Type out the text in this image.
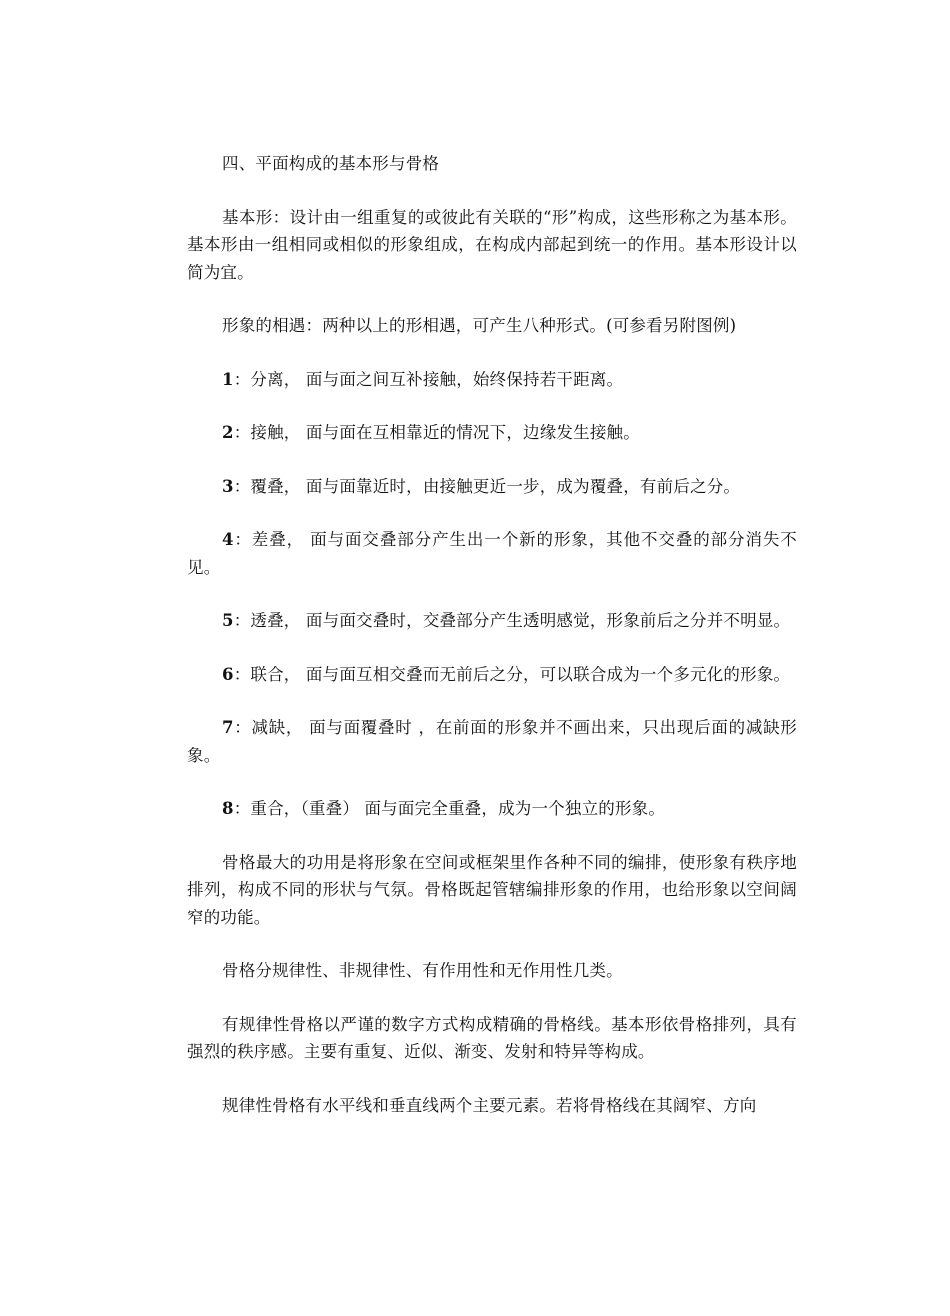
四、平面构成的基本形与骨格

基本形：设计由一组重复的或彼此有关联的“形”构成，这些形称之为基本形。基本形由一组相同或相似的形象组成，在构成内部起到统一的作用。基本形设计以简为宜。

形象的相遇：两种以上的形相遇，可产生八种形式。(可参看另附图例)

1：分离， 面与面之间互补接触，始终保持若干距离。

2：接触， 面与面在互相靠近的情况下，边缘发生接触。

3：覆叠， 面与面靠近时，由接触更近一步，成为覆叠，有前后之分。

4：差叠， 面与面交叠部分产生出一个新的形象，其他不交叠的部分消失不见。

5：透叠， 面与面交叠时，交叠部分产生透明感觉，形象前后之分并不明显。

6：联合， 面与面互相交叠而无前后之分，可以联合成为一个多元化的形象。

7：减缺， 面与面覆叠时 ，在前面的形象并不画出来，只出现后面的减缺形象。

8：重合，（重叠） 面与面完全重叠，成为一个独立的形象。

骨格最大的功用是将形象在空间或框架里作各种不同的编排，使形象有秩序地排列，构成不同的形状与气氛。骨格既起管辖编排形象的作用，也给形象以空间阔窄的功能。

骨格分规律性、非规律性、有作用性和无作用性几类。

有规律性骨格以严谨的数字方式构成精确的骨格线。基本形依骨格排列，具有强烈的秩序感。主要有重复、近似、渐变、发射和特异等构成。

规律性骨格有水平线和垂直线两个主要元素。若将骨格线在其阔窄、方向
